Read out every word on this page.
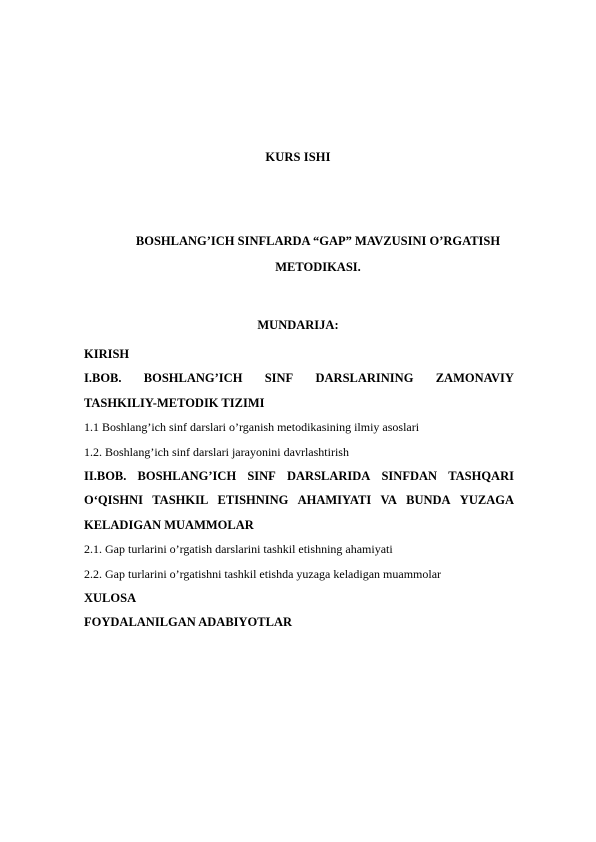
KURS ISHI
BOSHLANG’ICH SINFLARDA “GAP” MAVZUSINI O’RGATISH
METODIKASI.
MUNDARIJA:
KIRISH
I.BOB. BOSHLANG’ICH SINF DARSLARINING ZAMONAVIY
TASHKILIY-METODIK TIZIMI
1.1 Boshlang’ich sinf darslari o’rganish metodikasining ilmiy asoslari
1.2. Boshlang’ich sinf darslari jarayonini davrlashtirish
II.BOB. BOSHLANG’ICH SINF DARSLARIDA SINFDAN TASHQARI
O‘QISHNI TASHKIL ETISHNING AHAMIYATI VA BUNDA YUZAGA
KELADIGAN MUAMMOLAR
2.1. Gap turlarini o’rgatish darslarini tashkil etishning ahamiyati
2.2. Gap turlarini o’rgatishni tashkil etishda yuzaga keladigan muammolar
XULOSA
FOYDALANILGAN ADABIYOTLAR
